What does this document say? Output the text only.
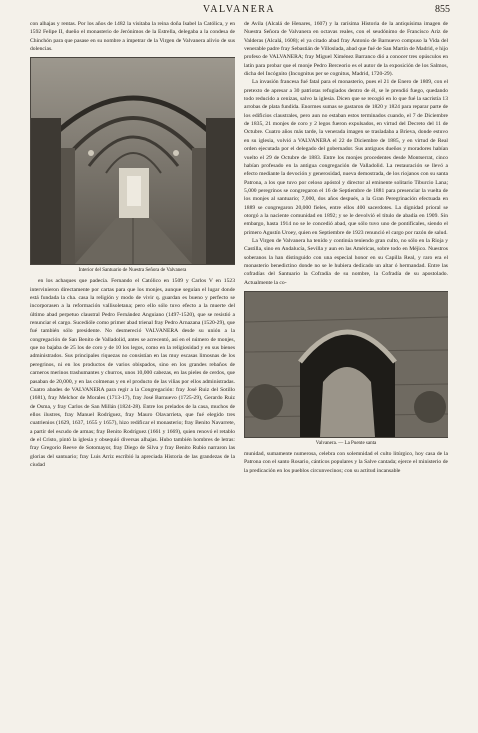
VALVANERA	855

con alhajas y rentas. Por los años de 1482 la visitaba la reina doña Isabel la Católica, y en 1592 Felipe II, dueño el monasterio de Jerónimos de la Estrella, delegaba a la condesa de Chinchón para que pasase en su nombre a impetrar de la Virgen de Valvanera alivio de sus dolencias.

Interior del Santuario de Nuestra Señora de Valvanera

en los achaques que padecía. Fernando el Católico en 1509 y Carlos V en 1523 intervinieron directamente por cartas para que los monjes, aunque seguían el lugar donde está fundada la cha. casa la religión y modo de vivir q. guardan es bueno y perfecto se incorporasen a la reformación vallisoletana; pero ello sólo tuvo efecto a la muerte del último abad perpetuo claustral Pedro Fernández Anguiano (1497-1520), que se resistió a renunciar el cargo. Sucedióle como primer abad trienal fray Pedro Arnazana (1520-29), que fué también sólo presidente. No desmereció VALVANERA desde su unión a la congregación de San Benito de Valladolid, antes se acrecentó, así en el número de monjes, que no bajaba de 25 los de coro y de 10 los legos, como en la religiosidad y en sus bienes administrados. Sus principales riquezas no consistían en las muy escasas limosnas de los peregrinos, ni en los productos de varios obispados, sino en los grandes rebaños de carneros merinos trashumantes y churros, unos 10,000 cabezas, en las pieles de cerdos, que pasaban de 20,000, y en las colmenas y en el producto de las viñas por ellos administradas. Cuatro abades de VALVANERA para regir a la Congregación: fray José Ruiz del Sotillo (1681), fray Melchor de Morales (1713-17), fray José Barnuevo (1725-29), Gerardo Ruiz de Osma, y fray Carlos de San Millán (1824-28). Entre los prelados de la casa, muchos de ellos ilustres, fray Manuel Rodríguez, fray Mauro Olavarrieta, que fué elegido tres cuatrienios (1629, 1637, 1655 y 1657), hizo redificar el monasterio; fray Benito Navarrete, a partir del escudo de armas; fray Benito Rodríguez (1661 y 1669), quien renovó el retablo de el Cristo, pintó la iglesia y obsequió diversas alhajas. Hubo también hombres de letras: fray Gregorio Reeve de Sotomayor, fray Diego de Silva y fray Benito Rubio narraron las glorias del santuario; fray Luis Arriz escribió la apreciada Historia de las grandezas de la ciudad

de Avila (Alcalá de Henares, 1607) y la rarísima Historia de la antiquísima imagen de Nuestra Señora de Valvanera en octavas reales, con el seudónimo de Francisco Ariz de Valderas (Alcalá, 1608); el ya citado abad fray Antonio de Barnuevo compuso la Vida del venerable padre fray Sebastián de Villoslada, abad que fué de San Martín de Madrid, e hijo profeso de VALVANERA; fray Miguel Ximénez Barranco dió a conocer tres opúsculos en latín para probar que el monje Pedro Berceorio es el autor de la exposición de los Salmos, dicha del Incógnito (Incognitus per se cognitus, Madrid, 1720-29).

La invasión francesa fué fatal para el monasterio, pues el 21 de Enero de 1809, con el pretexto de apresar a 30 patriotas refugiados dentro de él, se le prendió fuego, quedando todo reducido a cenizas, salvo la iglesia. Dicen que se recogió en lo que fué la sacristía 13 arrobas de plata fundida. Enormes sumas se gastaron de 1820 y 1824 para reparar parte de los edificios claustrales, pero aun no estaban estos terminados cuando, el 7 de Diciembre de 1835, 21 monjes de coro y 2 legos fueron expulsados, en virtud del Decreto del 11 de Octubre. Cuatro años más tarde, la venerada imagen se trasladaba a Brieva, donde estuvo en su iglesia, volvió a VALVANERA el 22 de Diciembre de 1885, y en virtud de Real orden ejecutada por el delegado del gobernador. Sus antiguos dueños y moradores habían vuelto el 29 de Octubre de 1883. Entre los monjes procedentes desde Montserrat, cinco habían profesado en la antigua congregación de Valladolid. La restauración se llevó a efecto mediante la devoción y generosidad, nueva demostrada, de los riojanos con su santa Patrona, a los que tuvo por celoso apóstol y director al eminente solitario Tiburcio Lana; 5,000 peregrinos se congregaron el 16 de Septiembre de 1881 para presenciar la vuelta de los monjes al santuario; 7,000, dos años después, a la Gran Peregrinación efectuada en 1889 se congregaron 20,000 fieles, entre ellos 400 sacerdotes. La dignidad prioral se otorgó a la naciente comunidad en 1892; y se le devolvió el título de abadía en 1909. Sin embargo, hasta 1914 no se le concedió abad, que sólo tuvo uno de pontificales, siendo el primero Agustín Uroey, quien en Septiembre de 1923 renunció el cargo por razón de salud.

La Virgen de Valvanera ha tenido y continúa teniendo gran culto, no sólo en la Rioja y Castilla, sino en Andalucía, Sevilla y aun en las Américas, sobre todo en Méjico. Nuestros soberanos la han distinguido con una especial honor en su Capilla Real, y raro era el monasterio benedictino donde no se le hubiera dedicado un altar ó hermandad. Entre las cofradías del Santuario la Cofradía de su nombre, la Cofradía de su apostolado. Actualmente la co-

Valvanera. — La Puente santa

munidad, sumamente numerosa, celebra con solemnidad el culto litúrgico, hoy casa de la Patrona con el santo Rosario, cánticos populares y la Salve cantada; ejerce el ministerio de la predicación en los pueblos circunvecinos; con su actitud incansable
